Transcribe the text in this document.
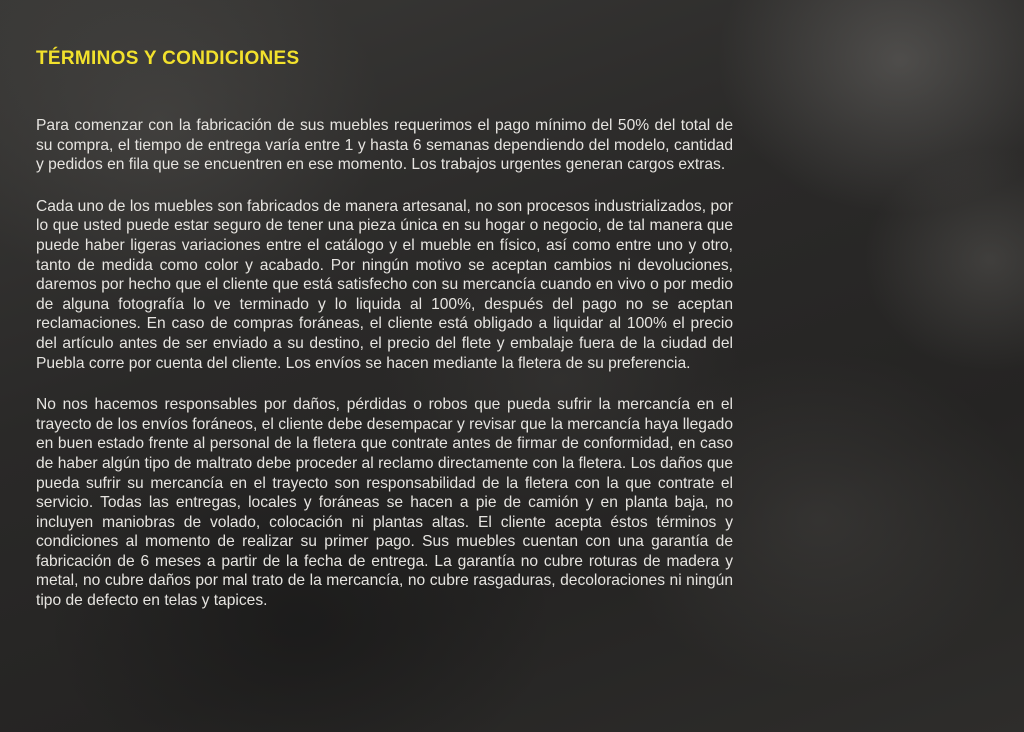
TÉRMINOS Y CONDICIONES

Para comenzar con la fabricación de sus muebles requerimos el pago mínimo del 50% del total de su compra, el tiempo de entrega varía entre 1 y hasta 6 semanas dependiendo del modelo, cantidad y pedidos en fila que se encuentren en ese momento. Los trabajos urgentes generan cargos extras.

Cada uno de los muebles son fabricados de manera artesanal, no son procesos industrializados, por lo que usted puede estar seguro de tener una pieza única en su hogar o negocio, de tal manera que puede haber ligeras variaciones entre el catálogo y el mueble en físico, así como entre uno y otro, tanto de medida como color y acabado. Por ningún motivo se aceptan cambios ni devoluciones, daremos por hecho que el cliente que está satisfecho con su mercancía cuando en vivo o por medio de alguna fotografía lo ve terminado y lo liquida al 100%, después del pago no se aceptan reclamaciones. En caso de compras foráneas, el cliente está obligado a liquidar al 100% el precio del artículo antes de ser enviado a su destino, el precio del flete y embalaje fuera de la ciudad del Puebla corre por cuenta del cliente. Los envíos se hacen mediante la fletera de su preferencia.

No nos hacemos responsables por daños, pérdidas o robos que pueda sufrir la mercancía en el trayecto de los envíos foráneos, el cliente debe desempacar y revisar que la mercancía haya llegado en buen estado frente al personal de la fletera que contrate antes de firmar de conformidad, en caso de haber algún tipo de maltrato debe proceder al reclamo directamente con la fletera. Los daños que pueda sufrir su mercancía en el trayecto son responsabilidad de la fletera con la que contrate el servicio. Todas las entregas, locales y foráneas se hacen a pie de camión y en planta baja, no incluyen maniobras de volado, colocación ni plantas altas. El cliente acepta éstos términos y condiciones al momento de realizar su primer pago. Sus muebles cuentan con una garantía de fabricación de 6 meses a partir de la fecha de entrega. La garantía no cubre roturas de madera y metal, no cubre daños por mal trato de la mercancía, no cubre rasgaduras, decoloraciones ni ningún tipo de defecto en telas y tapices.
